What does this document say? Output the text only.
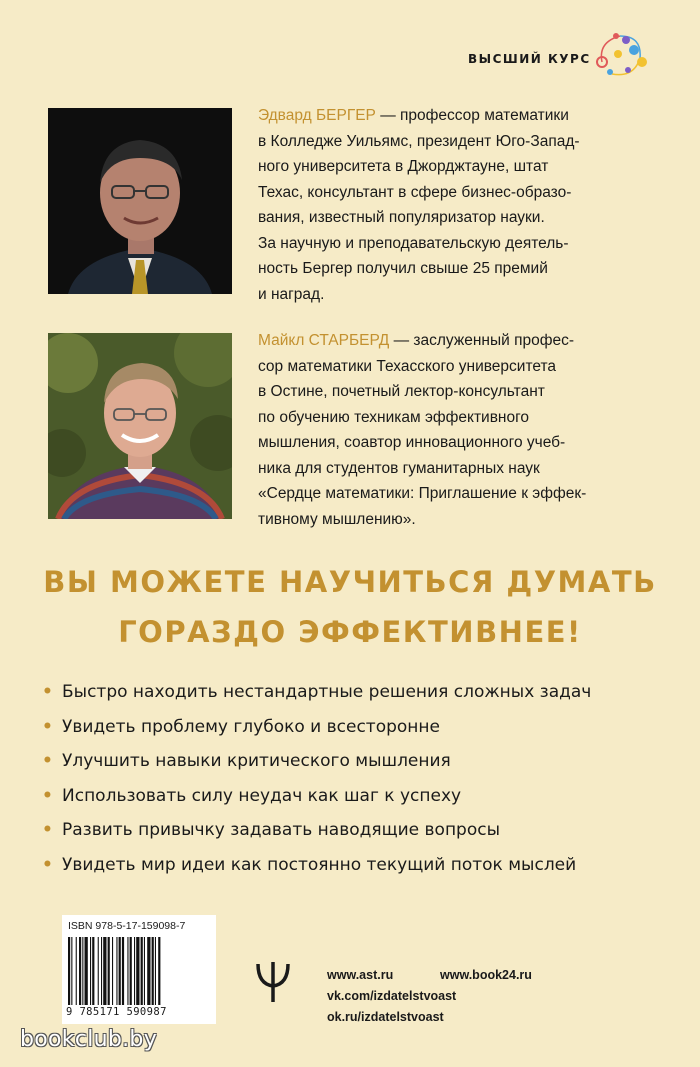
ВЫСШИЙ КУРС

Эдвард БЕРГЕР — профессор математики

в Колледже Уильямс, президент Юго-Запад-

ного университета в Джорджтауне, штат

Техас, консультант в сфере бизнес-образо-

вания, известный популяризатор науки.

За научную и преподавательскую деятель-

ность Бергер получил свыше 25 премий

и наград.

Майкл СТАРБЕРД — заслуженный профес-

сор математики Техасского университета

в Остине, почетный лектор-консультант

по обучению техникам эффективного

мышления, соавтор инновационного учеб-

ника для студентов гуманитарных наук

«Сердце математики: Приглашение к эффек-

тивному мышлению».

ВЫ МОЖЕТЕ НАУЧИТЬСЯ ДУМАТЬ
ГОРАЗДО ЭФФЕКТИВНЕЕ!
• Быстро находить нестандартные решения сложных задач
• Увидеть проблему глубоко и всесторонне
• Улучшить навыки критического мышления
• Использовать силу неудач как шаг к успеху
• Развить привычку задавать наводящие вопросы
• Увидеть мир идеи как постоянно текущий поток мыслей
ISBN 978-5-17-159098-7
9 785171 590987
www.ast.ru	www.book24.ru
vk.com/izdatelstvoast
ok.ru/izdatelstvoast
bookclub.by
